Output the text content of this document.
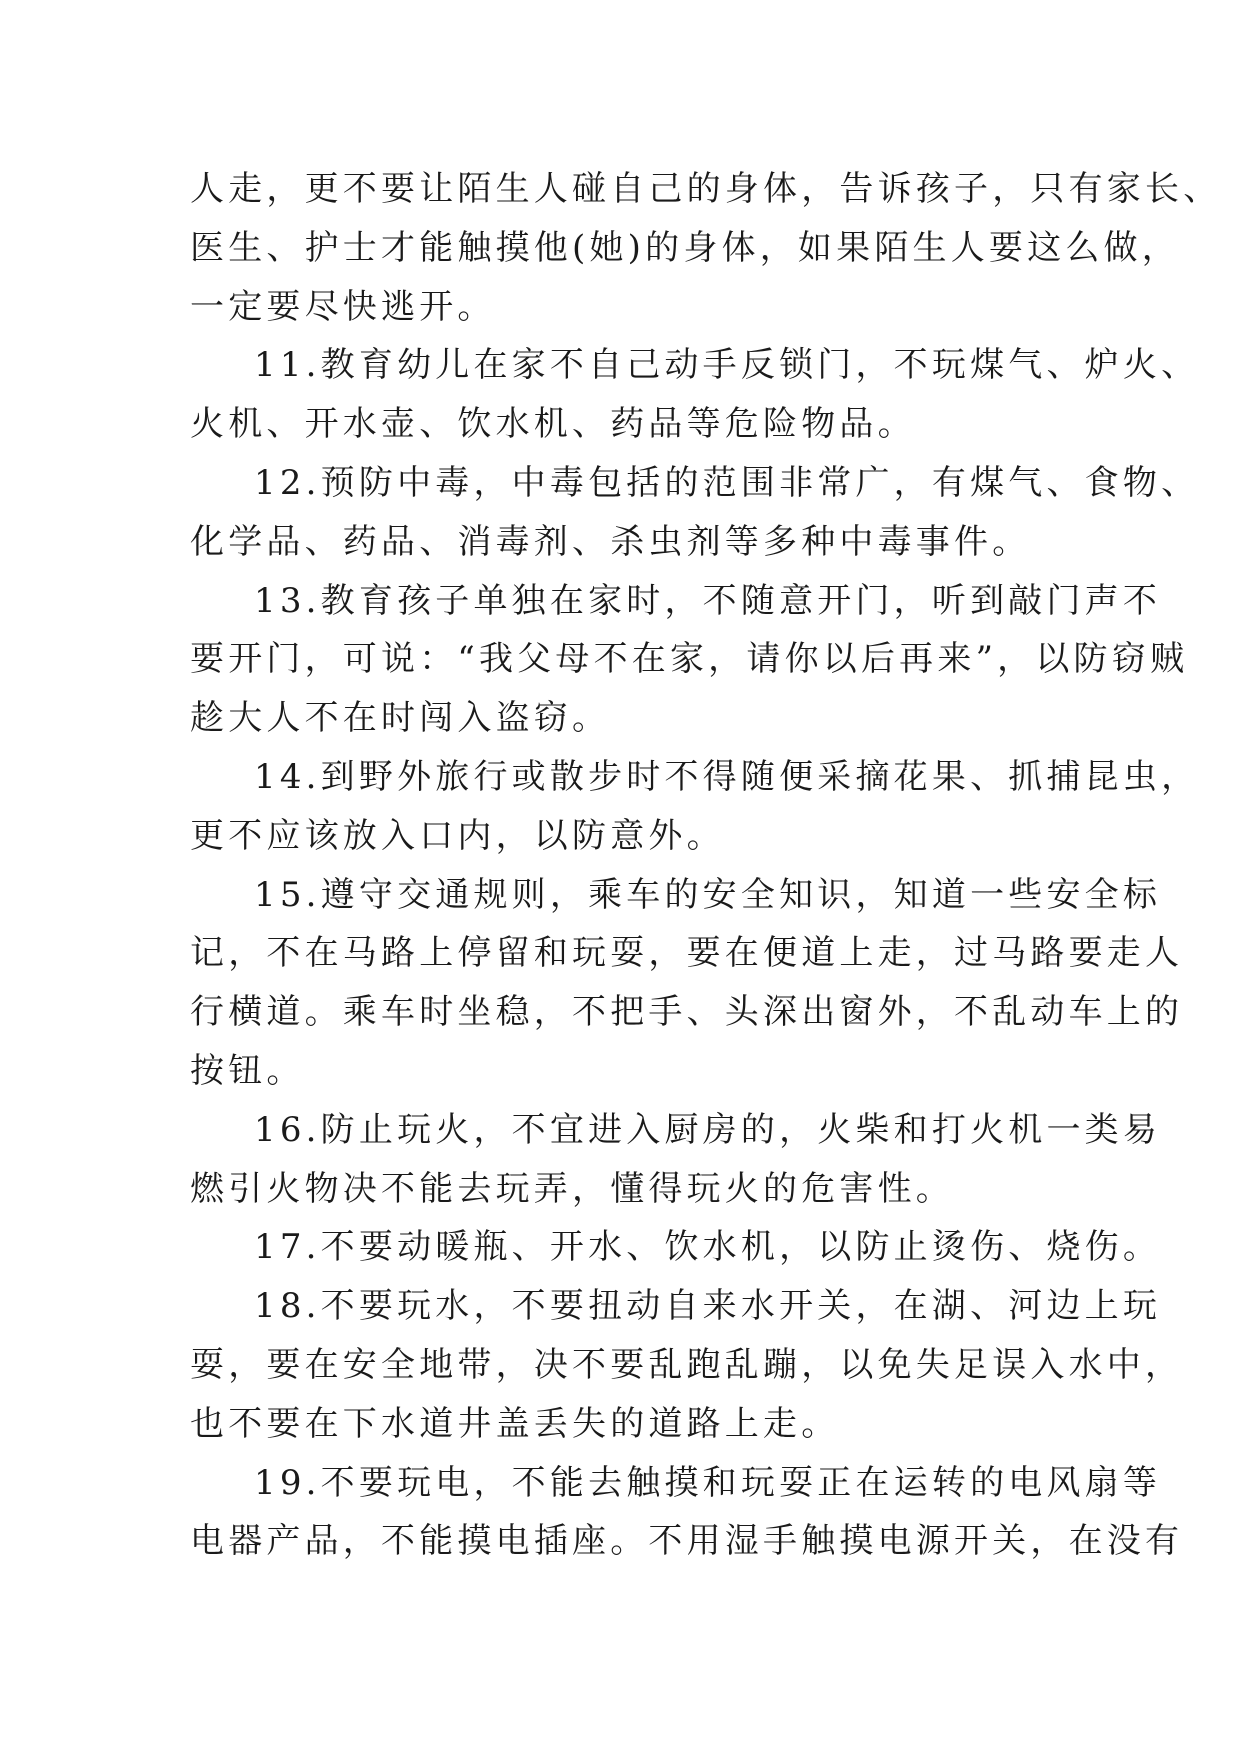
人走，更不要让陌生人碰自己的身体，告诉孩子，只有家长、
医生、护士才能触摸他(她)的身体，如果陌生人要这么做，
一定要尽快逃开。
11.教育幼儿在家不自己动手反锁门，不玩煤气、炉火、
火机、开水壶、饮水机、药品等危险物品。
12.预防中毒，中毒包括的范围非常广，有煤气、食物、
化学品、药品、消毒剂、杀虫剂等多种中毒事件。
13.教育孩子单独在家时，不随意开门，听到敲门声不
要开门，可说：“我父母不在家，请你以后再来”，以防窃贼
趁大人不在时闯入盗窃。
14.到野外旅行或散步时不得随便采摘花果、抓捕昆虫，
更不应该放入口内，以防意外。
15.遵守交通规则，乘车的安全知识，知道一些安全标
记，不在马路上停留和玩耍，要在便道上走，过马路要走人
行横道。乘车时坐稳，不把手、头深出窗外，不乱动车上的
按钮。
16.防止玩火，不宜进入厨房的，火柴和打火机一类易
燃引火物决不能去玩弄，懂得玩火的危害性。
17.不要动暖瓶、开水、饮水机，以防止烫伤、烧伤。
18.不要玩水，不要扭动自来水开关，在湖、河边上玩
耍，要在安全地带，决不要乱跑乱蹦，以免失足误入水中，
也不要在下水道井盖丢失的道路上走。
19.不要玩电，不能去触摸和玩耍正在运转的电风扇等
电器产品，不能摸电插座。不用湿手触摸电源开关，在没有
